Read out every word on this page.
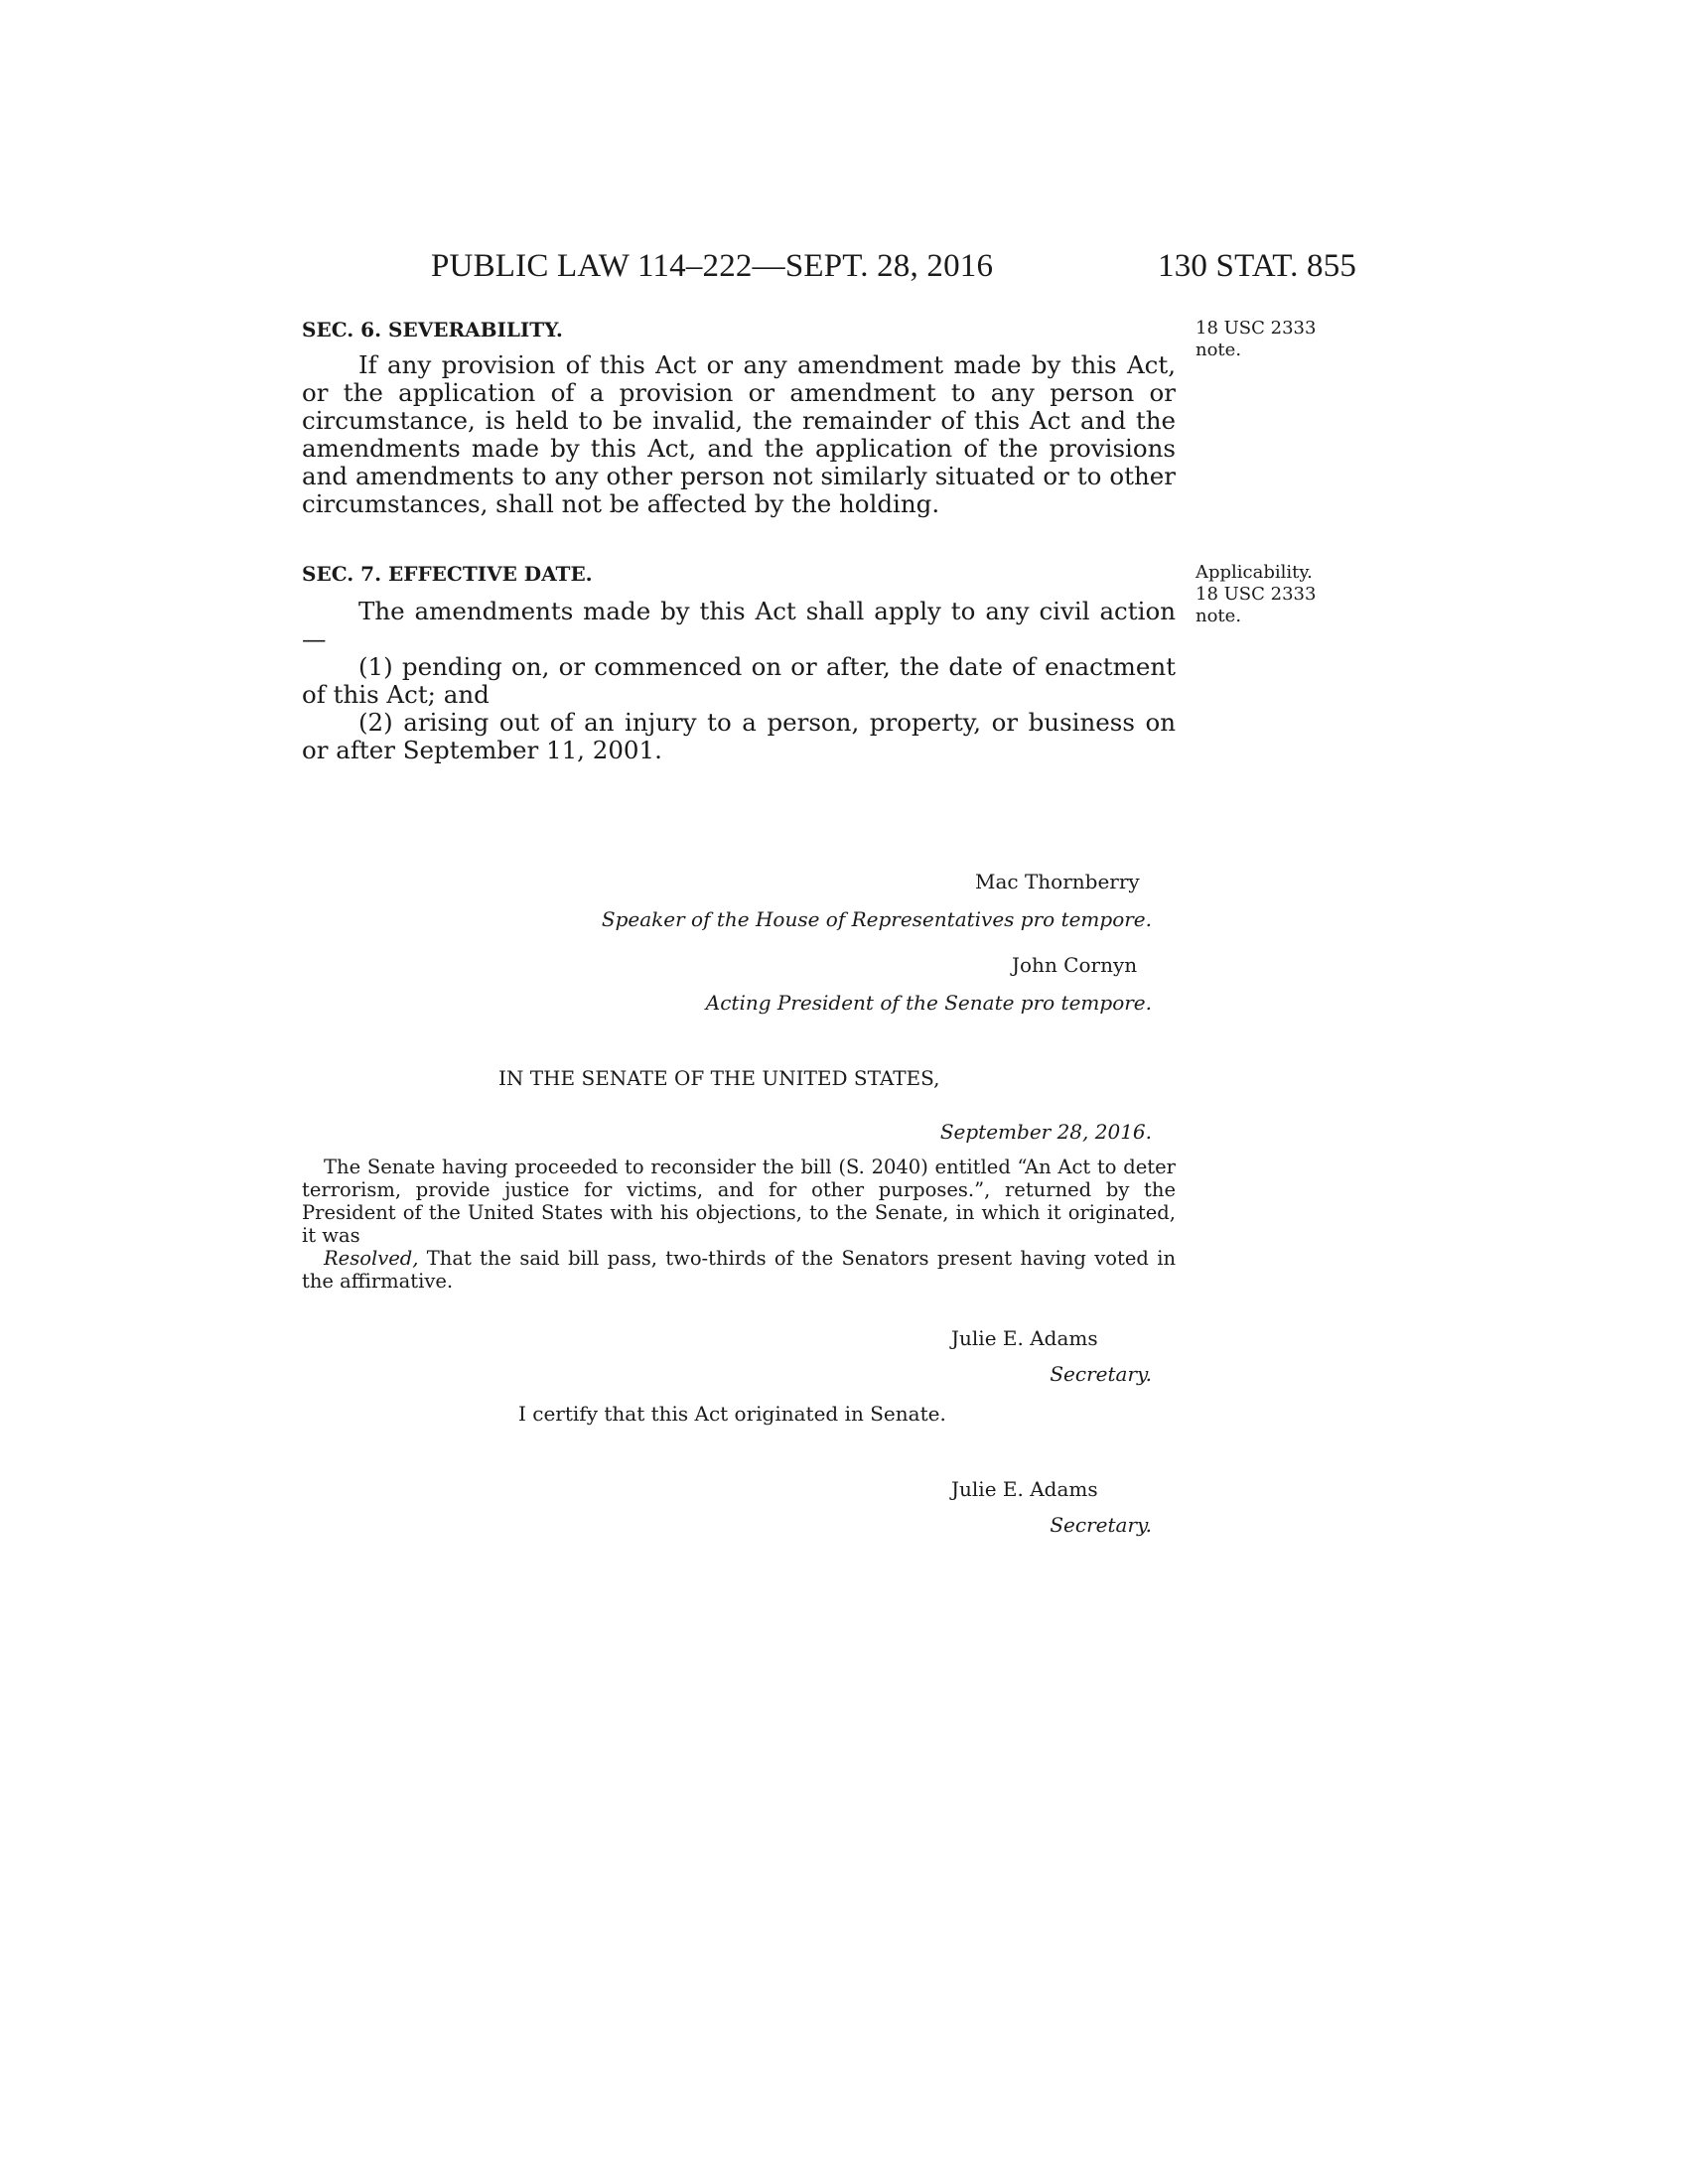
PUBLIC LAW 114–222—SEPT. 28, 2016	130 STAT. 855
SEC. 6. SEVERABILITY.	18 USC 2333
note.

If any provision of this Act or any amendment made by this Act, or the application of a provision or amendment to any person or circumstance, is held to be invalid, the remainder of this Act and the amendments made by this Act, and the application of the provisions and amendments to any other person not similarly situated or to other circumstances, shall not be affected by the holding.

SEC. 7. EFFECTIVE DATE.	Applicability.
18 USC 2333
note.

The amendments made by this Act shall apply to any civil action—

(1) pending on, or commenced on or after, the date of enactment of this Act; and

(2) arising out of an injury to a person, property, or business on or after September 11, 2001.

Mac Thornberry
Speaker of the House of Representatives pro tempore.
John Cornyn
Acting President of the Senate pro tempore.
IN THE SENATE OF THE UNITED STATES,
September 28, 2016.

The Senate having proceeded to reconsider the bill (S. 2040) entitled “An Act to deter terrorism, provide justice for victims, and for other purposes.”, returned by the President of the United States with his objections, to the Senate, in which it originated, it was

Resolved, That the said bill pass, two-thirds of the Senators present having voted in the affirmative.

Julie E. Adams
Secretary.
I certify that this Act originated in Senate.
Julie E. Adams
Secretary.
